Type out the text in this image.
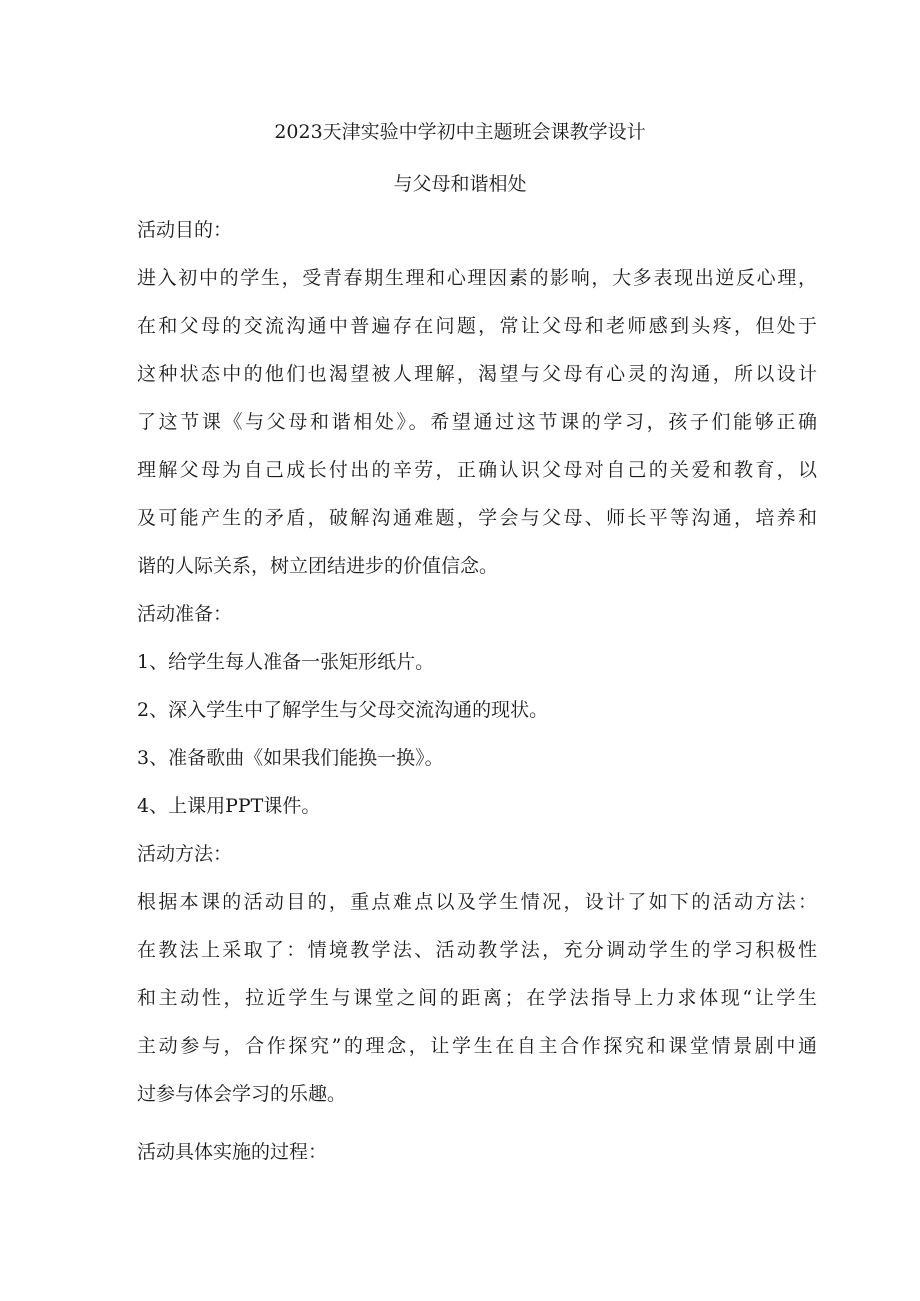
2023天津实验中学初中主题班会课教学设计
与父母和谐相处
活动目的：
进入初中的学生，受青春期生理和心理因素的影响，大多表现出逆反心理，
在和父母的交流沟通中普遍存在问题，常让父母和老师感到头疼，但处于
这种状态中的他们也渴望被人理解，渴望与父母有心灵的沟通，所以设计
了这节课《与父母和谐相处》。希望通过这节课的学习，孩子们能够正确
理解父母为自己成长付出的辛劳，正确认识父母对自己的关爱和教育，以
及可能产生的矛盾，破解沟通难题，学会与父母、师长平等沟通，培养和
谐的人际关系，树立团结进步的价值信念。
活动准备：
1、给学生每人准备一张矩形纸片。
2、深入学生中了解学生与父母交流沟通的现状。
3、准备歌曲《如果我们能换一换》。
4、上课用PPT课件。
活动方法：
根据本课的活动目的，重点难点以及学生情况，设计了如下的活动方法：
在教法上采取了：情境教学法、活动教学法，充分调动学生的学习积极性
和主动性，拉近学生与课堂之间的距离；在学法指导上力求体现“让学生
主动参与，合作探究”的理念，让学生在自主合作探究和课堂情景剧中通
过参与体会学习的乐趣。
活动具体实施的过程：
